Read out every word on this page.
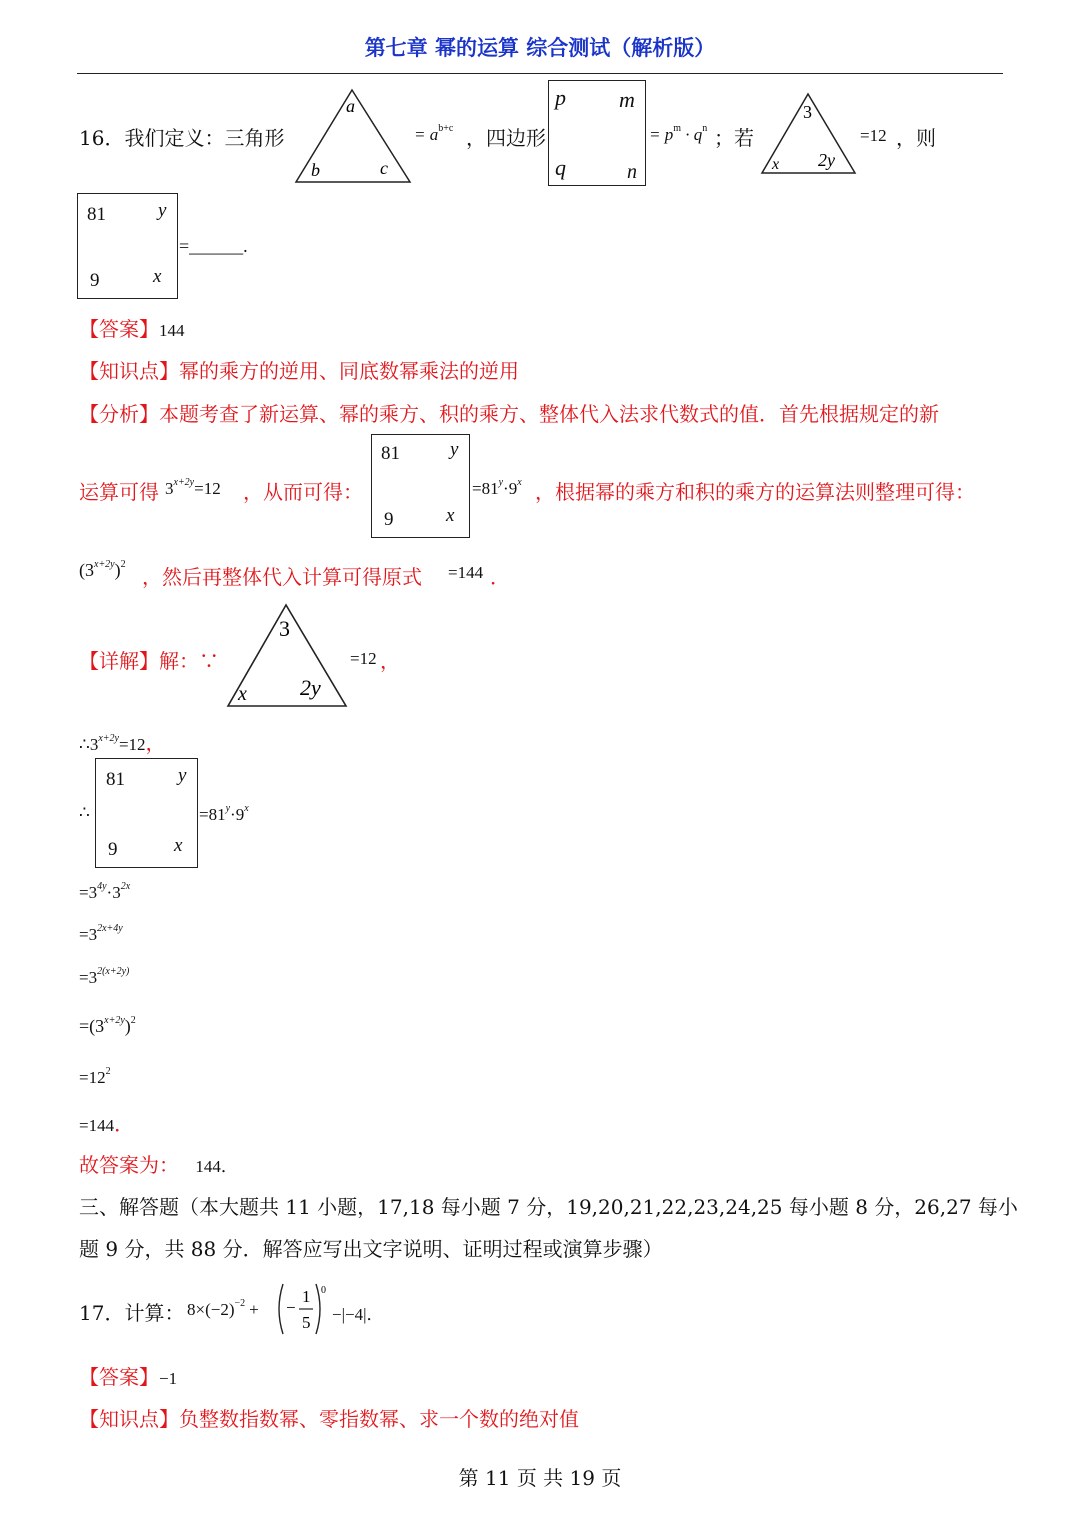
第七章 幂的运算 综合测试（解析版）
16．我们定义：三角形
a
b	c
= $a^{b+c}$ ，四边形
p m
q	n
= $p^m \cdot q^n$ ；若
3
x 2y
=12 ，则
81	y
9	x
=______.
【答案】144
【知识点】幂的乘方的逆用、同底数幂乘法的逆用
【分析】本题考查了新运算、幂的乘方、积的乘方、整体代入法求代数式的值．首先根据规定的新
运算可得 $3^{x+2y}=12$ ，从而可得：
81	y
9	x
$=81^y\cdot 9^x$ ，根据幂的乘方和积的乘方的运算法则整理可得：
$(3^{x+2y})^2$
，然后再整体代入计算可得原式 =144 ．
【详解】解：∵
3
x 2y
=12 ，
$\therefore 3^{x+2y}=12$，
∴
81	y
9	x
$=81^y\cdot 9^x$
$=3^{4y}\cdot 3^{2x}$
$=3^{2x+4y}$
$=3^{2(x+2y)}$
$=(3^{x+2y})^2$
$=12^2$
=144．
故答案为： 144．
三、解答题（本大题共 11 小题，17,18 每小题 7 分，19,20,21,22,23,24,25 每小题 8 分，26,27 每小
题 9 分，共 88 分．解答应写出文字说明、证明过程或演算步骤）
17．计算： $8\times(-2)^{-2}$ + −
1
5
0
−|−4|．
【答案】−1
【知识点】负整数指数幂、零指数幂、求一个数的绝对值
第 11 页 共 19 页
